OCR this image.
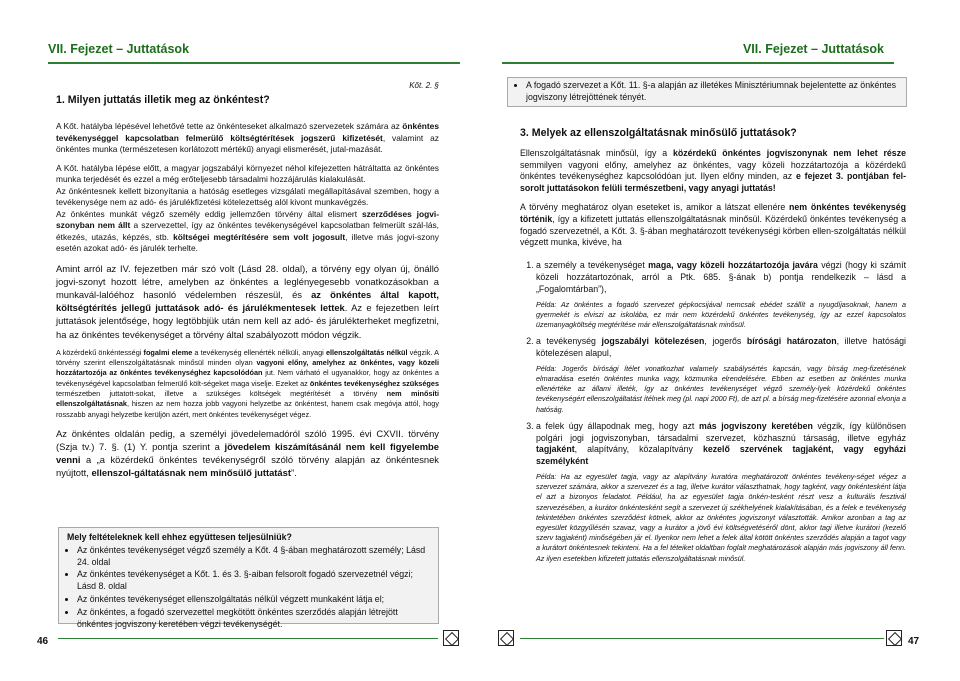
VII. Fejezet – Juttatások	VII. Fejezet – Juttatások
Kőt. 2. §
1. Milyen juttatás illetik meg az önkéntest?

A Kőt. hatályba lépésével lehetővé tette az önkénteseket alkalmazó szervezetek számára az önkéntes tevékenységgel kapcsolatban felmerülő költségtérítések jogszerű kifizetését, valamint az önkéntes munka (természetesen korlátozott mértékű) anyagi elismerését, jutal-mazását.

A Kőt. hatályba lépése előtt, a magyar jogszabályi környezet néhol kifejezetten hátráltatta az önkéntes munka terjedését és ezzel a még erőteljesebb társadalmi hozzájárulás kialakulását.

Az önkéntesnek kellett bizonyítania a hatóság esetleges vizsgálati megállapításával szemben, hogy a tevékenysége nem az adó- és járulékfizetési kötelezettség alól kivont munkavégzés.

Az önkéntes munkát végző személy eddig jellemzően törvény által elismert szerződéses jogvi-szonyban nem állt a szervezettel, így az önkéntes tevékenységével kapcsolatban felmerült szál-lás, étkezés, utazás, képzés, stb. költségei megtérítésére sem volt jogosult, illetve más jogvi-szony esetén azokat adó- és járulék terhelte.

Amint arról az IV. fejezetben már szó volt (Lásd 28. oldal), a törvény egy olyan új, önálló jogvi-szonyt hozott létre, amelyben az önkéntes a leglényegesebb vonatkozásokban a munkavál-lalóéhoz hasonló védelemben részesül, és az önkéntes által kapott, költségtérítés jellegű juttatások adó- és járulékmentesek lettek. Az e fejezetben leírt juttatások jelentősége, hogy legtöbbjük után nem kell az adó- és járulékterheket megfizetni, ha az önkéntes tevékenységet a törvény által szabályozott módon végzik.

A közérdekű önkéntességi fogalmi eleme a tevékenység ellenérték nélküli, anyagi ellenszolgáltatás nélkül végzik. A törvény szerint ellenszolgáltatásnak minősül minden olyan vagyoni előny, amelyhez az önkéntes, vagy közeli hozzátartozója az önkéntes tevékenységhez kapcsolódóan jut. Nem várható el ugyanakkor, hogy az önkéntes a tevékenységével kapcsolatban felmerülő költ-ségeket maga viselje. Ezeket az önkéntes tevékenységhez szükséges természetben juttatott-sokat, illetve a szükséges költségek megtérítését a törvény nem minősíti ellenszolgáltatásnak, hiszen az nem hozza jobb vagyoni helyzetbe az önkéntest, hanem csak megóvja attól, hogy rosszabb anyagi helyzetbe kerüljön azért, mert önkéntes tevékenységet végez.

Az önkéntes oldalán pedig, a személyi jövedelemadóról szóló 1995. évi CXVII. törvény (Szja tv.) 7. §. (1) Y. pontja szerint a jövedelem kiszámításánál nem kell figyelembe venni a „a közérdekű önkéntes tevékenységről szóló törvény alapján az önkéntesnek nyújtott, ellenszol-gáltatásnak nem minősülő juttatást”.

Mely feltételeknek kell ehhez együttesen teljesülniük?

• Az önkéntes tevékenységet végző személy a Kőt. 4 §-ában meghatározott személy; Lásd 24. oldal
• Az önkéntes tevékenységet a Kőt. 1. és 3. §-aiban felsorolt fogadó szervezetnél végzi; Lásd 8. oldal
• Az önkéntes tevékenységet ellenszolgáltatás nélkül végzett munkaként látja el;
• Az önkéntes, a fogadó szervezettel megkötött önkéntes szerződés alapján létrejött önkéntes jogviszony keretében végzi tevékenységét.
46
• A fogadó szervezet a Kőt. 11. §-a alapján az illetékes Minisztériumnak bejelentette az önkéntes jogviszony létrejöttének tényét.
3. Melyek az ellenszolgáltatásnak minősülő juttatások?

Ellenszolgáltatásnak minősül, így a közérdekű önkéntes jogviszonynak nem lehet része semmilyen vagyoni előny, amelyhez az önkéntes, vagy közeli hozzátartozója a közérdekű önkéntes tevékenységhez kapcsolódóan jut. Ilyen előny minden, az e fejezet 3. pontjában fel-sorolt juttatásokon felüli természetbeni, vagy anyagi juttatás!

A törvény meghatároz olyan eseteket is, amikor a látszat ellenére nem önkéntes tevékenység történik, így a kifizetett juttatás ellenszolgáltatásnak minősül. Közérdekű önkéntes tevékenység a fogadó szervezetnél, a Kőt. 3. §-ában meghatározott tevékenységi körben ellen-szolgáltatás nélkül végzett munka, kivéve, ha

1. a személy a tevékenységet maga, vagy közeli hozzátartozója javára végzi (hogy ki számít közeli hozzátartozónak, arról a Ptk. 685. §-ának b) pontja rendelkezik – lásd a „Fogalomtárban”),
Példa: Az önkéntes a fogadó szervezet gépkocsijával nemcsak ebédet szállít a nyugdíjasoknak, hanem a gyermekét is elviszi az iskolába, ez már nem közérdekű önkéntes tevékenység, így az ezzel kapcsolatos üzemanyagköltség megtérítése már ellenszolgáltatásnak minősül.
2. a tevékenység jogszabályi kötelezésen, jogerős bírósági határozaton, illetve hatósági kötelezésen alapul,
Példa: Jogerős bírósági ítélet vonatkozhat valamely szabálysértés kapcsán, vagy bírság meg-fizetésének elmaradása esetén önkéntes munka vagy, közmunka elrendelésére. Ebben az esetben az önkéntes munka ellenértéke az állami illeték, így az önkéntes tevékenységet végző személy-lyek közérdekű önkéntes tevékenységért ellenszolgáltatást ítélnek meg (pl. napi 2000 Ft), de azt pl. a bírság meg-fizetésére azonnal elvonja a hatóság.
3. a felek úgy állapodnak meg, hogy azt más jogviszony keretében végzik, így különösen polgári jogi jogviszonyban, társadalmi szervezet, közhasznú társaság, illetve egyház tagjaként, alapítvány, közalapítvány kezelő szervének tagjaként, vagy egyházi személyként
Példa: Ha az egyesület tagja, vagy az alapítvány kuratóra meghatározott önkéntes tevékeny-séget végez a szervezet számára, akkor a szervezet és a tag, illetve kurátor választhatnak, hogy tagként, vagy önkéntesként látja el azt a bizonyos feladatot. Például, ha az egyesület tagja önkén-tesként részt vesz a kulturális fesztivál szervezésében, a kurátor önkéntesként segít a szervezet új székhelyének kialakításában, és a felek e tevékenység tekintetében önkéntes szerződést kötnek, akkor az önkéntes jogviszonyt választották. Amikor azonban a tag az egyesület közgyűlésén szavaz, vagy a kurátor a jövő évi költségvetéséről dönt, akkor tagi illetve kurátori (kezelő szerv tagjaként) minőségében jár el. Ilyenkor nem lehet a felek által kötött önkéntes szerződés alapján a tagot vagy a kurátort önkéntesnek tekinteni. Ha a fel téteiket oldaltban foglalt meghatározások alapján más jogviszony áll fenn. Az ilyen esetekben kifizetett juttatás ellenszolgáltatásnak minősül.
47
